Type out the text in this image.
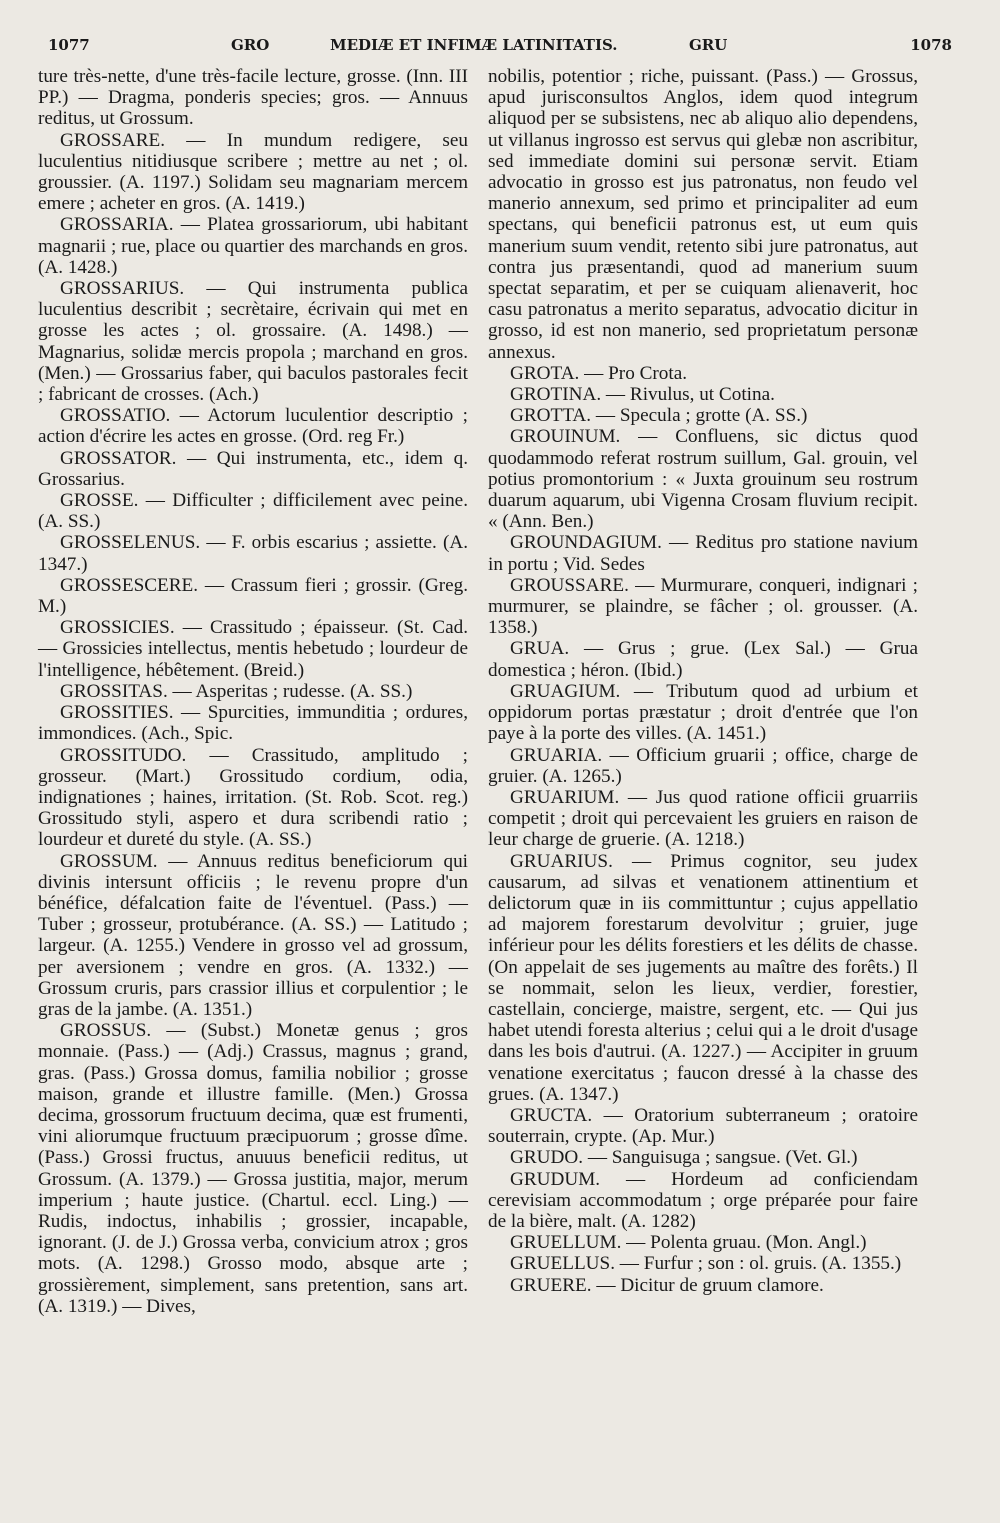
1077	GRO	MEDIÆ ET INFIMÆ LATINITATIS.	GRU	1078

ture très-nette, d'une très-facile lecture, grosse. (Inn. III PP.) — Dragma, ponderis species; gros. — Annuus reditus, ut Grossum.

GROSSARE. — In mundum redigere, seu luculentius nitidiusque scribere ; mettre au net ; ol. groussier. (A. 1197.) Solidam seu magnariam mercem emere ; acheter en gros. (A. 1419.)

GROSSARIA. — Platea grossariorum, ubi habitant magnarii ; rue, place ou quartier des marchands en gros. (A. 1428.)

GROSSARIUS. — Qui instrumenta publica luculentius describit ; secrètaire, écrivain qui met en grosse les actes ; ol. grossaire. (A. 1498.) — Magnarius, solidæ mercis propola ; marchand en gros. (Men.) — Grossarius faber, qui baculos pastorales fecit ; fabricant de crosses. (Ach.)

GROSSATIO. — Actorum luculentior descriptio ; action d'écrire les actes en grosse. (Ord. reg Fr.)

GROSSATOR. — Qui instrumenta, etc., idem q. Grossarius.

GROSSE. — Difficulter ; difficilement avec peine. (A. SS.)

GROSSELENUS. — F. orbis escarius ; assiette. (A. 1347.)

GROSSESCERE. — Crassum fieri ; grossir. (Greg. M.)

GROSSICIES. — Crassitudo ; épaisseur. (St. Cad. — Grossicies intellectus, mentis hebetudo ; lourdeur de l'intelligence, hébêtement. (Breid.)

GROSSITAS. — Asperitas ; rudesse. (A. SS.)

GROSSITIES. — Spurcities, immunditia ; ordures, immondices. (Ach., Spic.

GROSSITUDO. — Crassitudo, amplitudo ; grosseur. (Mart.) Grossitudo cordium, odia, indignationes ; haines, irritation. (St. Rob. Scot. reg.) Grossitudo styli, aspero et dura scribendi ratio ; lourdeur et dureté du style. (A. SS.)

GROSSUM. — Annuus reditus beneficiorum qui divinis intersunt officiis ; le revenu propre d'un bénéfice, défalcation faite de l'éventuel. (Pass.) — Tuber ; grosseur, protubérance. (A. SS.) — Latitudo ; largeur. (A. 1255.) Vendere in grosso vel ad grossum, per aversionem ; vendre en gros. (A. 1332.) — Grossum cruris, pars crassior illius et corpulentior ; le gras de la jambe. (A. 1351.)

GROSSUS. — (Subst.) Monetæ genus ; gros monnaie. (Pass.) — (Adj.) Crassus, magnus ; grand, gras. (Pass.) Grossa domus, familia nobilior ; grosse maison, grande et illustre famille. (Men.) Grossa decima, grossorum fructuum decima, quæ est frumenti, vini aliorumque fructuum præcipuorum ; grosse dîme. (Pass.) Grossi fructus, anuuus beneficii reditus, ut Grossum. (A. 1379.) — Grossa justitia, major, merum imperium ; haute justice. (Chartul. eccl. Ling.) — Rudis, indoctus, inhabilis ; grossier, incapable, ignorant. (J. de J.) Grossa verba, convicium atrox ; gros mots. (A. 1298.) Grosso modo, absque arte ; grossièrement, simplement, sans pretention, sans art. (A. 1319.) — Dives,

nobilis, potentior ; riche, puissant. (Pass.) — Grossus, apud jurisconsultos Anglos, idem quod integrum aliquod per se subsistens, nec ab aliquo alio dependens, ut villanus ingrosso est servus qui glebæ non ascribitur, sed immediate domini sui personæ servit. Etiam advocatio in grosso est jus patronatus, non feudo vel manerio annexum, sed primo et principaliter ad eum spectans, qui beneficii patronus est, ut eum quis manerium suum vendit, retento sibi jure patronatus, aut contra jus præsentandi, quod ad manerium suum spectat separatim, et per se cuiquam alienaverit, hoc casu patronatus a merito separatus, advocatio dicitur in grosso, id est non manerio, sed proprietatum personæ annexus.

GROTA. — Pro Crota.

GROTINA. — Rivulus, ut Cotina.

GROTTA. — Specula ; grotte (A. SS.)

GROUINUM. — Confluens, sic dictus quod quodammodo referat rostrum suillum, Gal. grouin, vel potius promontorium : « Juxta grouinum seu rostrum duarum aquarum, ubi Vigenna Crosam fluvium recipit. « (Ann. Ben.)

GROUNDAGIUM. — Reditus pro statione navium in portu ; Vid. Sedes

GROUSSARE. — Murmurare, conqueri, indignari ; murmurer, se plaindre, se fâcher ; ol. grousser. (A. 1358.)

GRUA. — Grus ; grue. (Lex Sal.) — Grua domestica ; héron. (Ibid.)

GRUAGIUM. — Tributum quod ad urbium et oppidorum portas præstatur ; droit d'entrée que l'on paye à la porte des villes. (A. 1451.)

GRUARIA. — Officium gruarii ; office, charge de gruier. (A. 1265.)

GRUARIUM. — Jus quod ratione officii gruarriis competit ; droit qui percevaient les gruiers en raison de leur charge de gruerie. (A. 1218.)

GRUARIUS. — Primus cognitor, seu judex causarum, ad silvas et venationem attinentium et delictorum quæ in iis committuntur ; cujus appellatio ad majorem forestarum devolvitur ; gruier, juge inférieur pour les délits forestiers et les délits de chasse. (On appelait de ses jugements au maître des forêts.) Il se nommait, selon les lieux, verdier, forestier, castellain, concierge, maistre, sergent, etc. — Qui jus habet utendi foresta alterius ; celui qui a le droit d'usage dans les bois d'autrui. (A. 1227.) — Accipiter in gruum venatione exercitatus ; faucon dressé à la chasse des grues. (A. 1347.)

GRUCTA. — Oratorium subterraneum ; oratoire souterrain, crypte. (Ap. Mur.)

GRUDO. — Sanguisuga ; sangsue. (Vet. Gl.)

GRUDUM. — Hordeum ad conficiendam cerevisiam accommodatum ; orge préparée pour faire de la bière, malt. (A. 1282)

GRUELLUM. — Polenta gruau. (Mon. Angl.)

GRUELLUS. — Furfur ; son : ol. gruis. (A. 1355.)

GRUERE. — Dicitur de gruum clamore.
